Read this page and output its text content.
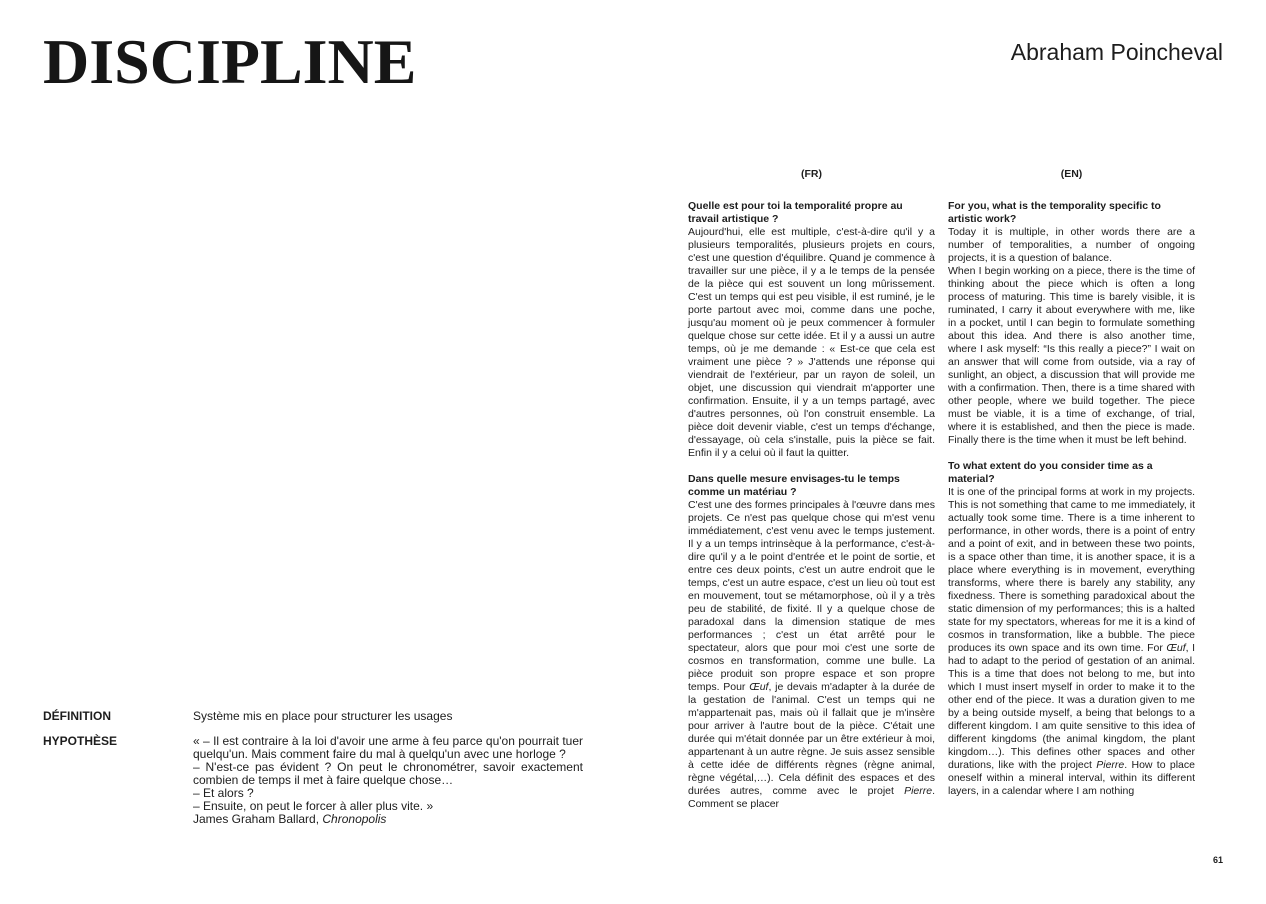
DISCIPLINE	Abraham Poincheval
DÉFINITION	Système mis en place pour structurer les usages
HYPOTHÈSE	« – Il est contraire à la loi d'avoir une arme à feu parce qu'on pourrait tuer quelqu'un. Mais comment faire du mal à quelqu'un avec une horloge ?
– N'est-ce pas évident ? On peut le chronométrer, savoir exactement combien de temps il met à faire quelque chose…
– Et alors ?
– Ensuite, on peut le forcer à aller plus vite. »
James Graham Ballard, Chronopolis
(FR)

Quelle est pour toi la temporalité propre au travail artistique ?

Aujourd'hui, elle est multiple, c'est-à-dire qu'il y a plusieurs temporalités, plusieurs projets en cours, c'est une question d'équilibre. Quand je commence à travailler sur une pièce, il y a le temps de la pensée de la pièce qui est souvent un long mûrissement. C'est un temps qui est peu visible, il est ruminé, je le porte partout avec moi, comme dans une poche, jusqu'au moment où je peux commencer à formuler quelque chose sur cette idée. Et il y a aussi un autre temps, où je me demande : « Est-ce que cela est vraiment une pièce ? » J'attends une réponse qui viendrait de l'extérieur, par un rayon de soleil, un objet, une discussion qui viendrait m'apporter une confirmation. Ensuite, il y a un temps partagé, avec d'autres personnes, où l'on construit ensemble. La pièce doit devenir viable, c'est un temps d'échange, d'essayage, où cela s'installe, puis la pièce se fait. Enfin il y a celui où il faut la quitter.

Dans quelle mesure envisages-tu le temps comme un matériau ?

C'est une des formes principales à l'œuvre dans mes projets. Ce n'est pas quelque chose qui m'est venu immédiatement, c'est venu avec le temps justement. Il y a un temps intrinsèque à la performance, c'est-à-dire qu'il y a le point d'entrée et le point de sortie, et entre ces deux points, c'est un autre endroit que le temps, c'est un autre espace, c'est un lieu où tout est en mouvement, tout se métamorphose, où il y a très peu de stabilité, de fixité. Il y a quelque chose de paradoxal dans la dimension statique de mes performances ; c'est un état arrêté pour le spectateur, alors que pour moi c'est une sorte de cosmos en transformation, comme une bulle. La pièce produit son propre espace et son propre temps. Pour Œuf, je devais m'adapter à la durée de la gestation de l'animal. C'est un temps qui ne m'appartenait pas, mais où il fallait que je m'insère pour arriver à l'autre bout de la pièce. C'était une durée qui m'était donnée par un être extérieur à moi, appartenant à un autre règne. Je suis assez sensible à cette idée de différents règnes (règne animal, règne végétal,…). Cela définit des espaces et des durées autres, comme avec le projet Pierre. Comment se placer

(EN)

For you, what is the temporality specific to artistic work?

Today it is multiple, in other words there are a number of temporalities, a number of ongoing projects, it is a question of balance.

When I begin working on a piece, there is the time of thinking about the piece which is often a long process of maturing. This time is barely visible, it is ruminated, I carry it about everywhere with me, like in a pocket, until I can begin to formulate something about this idea. And there is also another time, where I ask myself: “Is this really a piece?” I wait on an answer that will come from outside, via a ray of sunlight, an object, a discussion that will provide me with a confirmation. Then, there is a time shared with other people, where we build together. The piece must be viable, it is a time of exchange, of trial, where it is established, and then the piece is made. Finally there is the time when it must be left behind.

To what extent do you consider time as a material?

It is one of the principal forms at work in my projects. This is not something that came to me immediately, it actually took some time. There is a time inherent to performance, in other words, there is a point of entry and a point of exit, and in between these two points, is a space other than time, it is another space, it is a place where everything is in movement, everything transforms, where there is barely any stability, any fixedness. There is something paradoxical about the static dimension of my performances; this is a halted state for my spectators, whereas for me it is a kind of cosmos in transformation, like a bubble. The piece produces its own space and its own time. For Œuf, I had to adapt to the period of gestation of an animal. This is a time that does not belong to me, but into which I must insert myself in order to make it to the other end of the piece. It was a duration given to me by a being outside myself, a being that belongs to a different kingdom. I am quite sensitive to this idea of different kingdoms (the animal kingdom, the plant kingdom…). This defines other spaces and other durations, like with the project Pierre. How to place oneself within a mineral interval, within its different layers, in a calendar where I am nothing

61
